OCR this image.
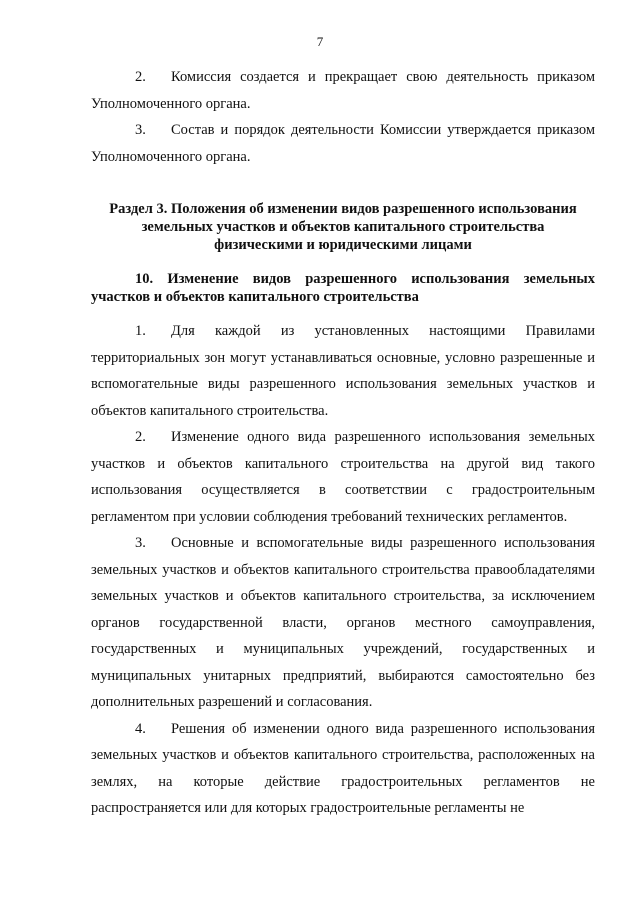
7

2. Комиссия создается и прекращает свою деятельность приказом Уполномоченного органа.

3. Состав и порядок деятельности Комиссии утверждается приказом Уполномоченного органа.

Раздел 3. Положения об изменении видов разрешенного использования
земельных участков и объектов капитального строительства
физическими и юридическими лицами
10. Изменение видов разрешенного использования земельных участков и объектов капитального строительства

1. Для каждой из установленных настоящими Правилами территориальных зон могут устанавливаться основные, условно разрешенные и вспомогательные виды разрешенного использования земельных участков и объектов капитального строительства.

2. Изменение одного вида разрешенного использования земельных участков и объектов капитального строительства на другой вид такого использования осуществляется в соответствии с градостроительным регламентом при условии соблюдения требований технических регламентов.

3. Основные и вспомогательные виды разрешенного использования земельных участков и объектов капитального строительства правообладателями земельных участков и объектов капитального строительства, за исключением органов государственной власти, органов местного самоуправления, государственных и муниципальных учреждений, государственных и муниципальных унитарных предприятий, выбираются самостоятельно без дополнительных разрешений и согласования.

4. Решения об изменении одного вида разрешенного использования земельных участков и объектов капитального строительства, расположенных на землях, на которые действие градостроительных регламентов не распространяется или для которых градостроительные регламенты не
